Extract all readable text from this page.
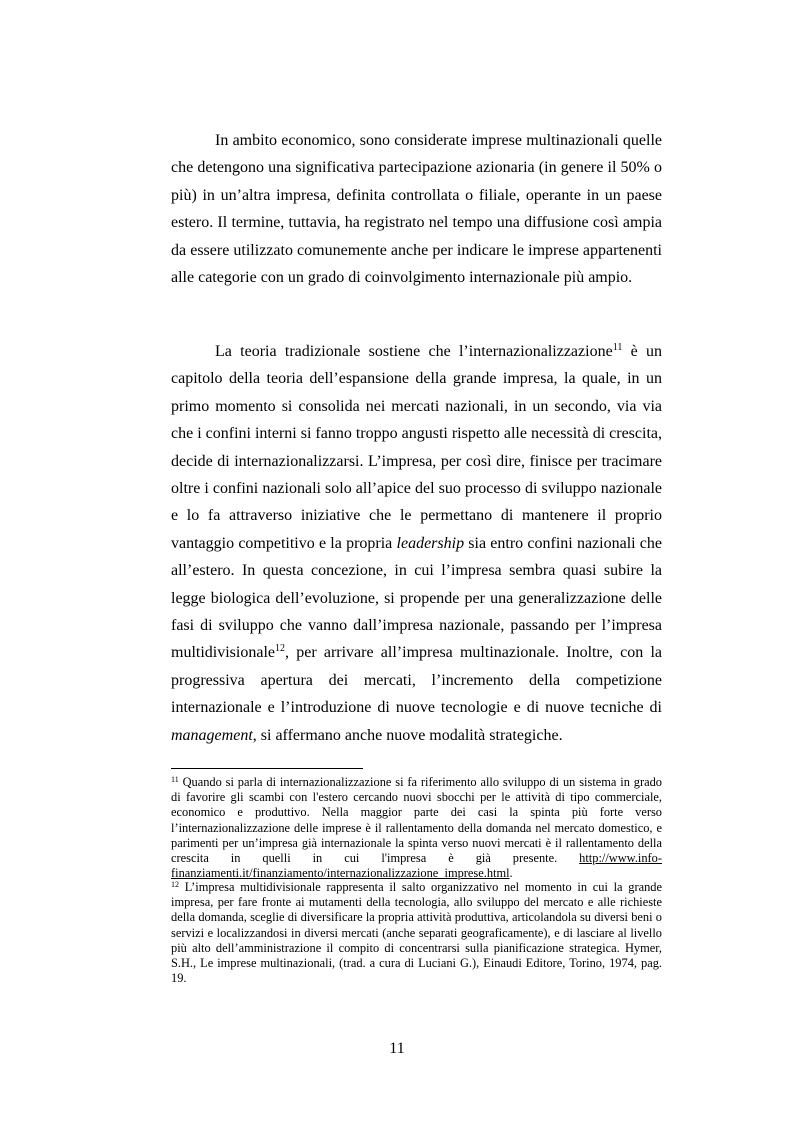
In ambito economico, sono considerate imprese multinazionali quelle che detengono una significativa partecipazione azionaria (in genere il 50% o più) in un’altra impresa, definita controllata o filiale, operante in un paese estero. Il termine, tuttavia, ha registrato nel tempo una diffusione così ampia da essere utilizzato comunemente anche per indicare le imprese appartenenti alle categorie con un grado di coinvolgimento internazionale più ampio.

La teoria tradizionale sostiene che l’internazionalizzazione$^{11}$ è un capitolo della teoria dell’espansione della grande impresa, la quale, in un primo momento si consolida nei mercati nazionali, in un secondo, via via che i confini interni si fanno troppo angusti rispetto alle necessità di crescita, decide di internazionalizzarsi. L’impresa, per così dire, finisce per tracimare oltre i confini nazionali solo all’apice del suo processo di sviluppo nazionale e lo fa attraverso iniziative che le permettano di mantenere il proprio vantaggio competitivo e la propria leadership sia entro confini nazionali che all’estero. In questa concezione, in cui l’impresa sembra quasi subire la legge biologica dell’evoluzione, si propende per una generalizzazione delle fasi di sviluppo che vanno dall’impresa nazionale, passando per l’impresa multidivisionale$^{12}$, per arrivare all’impresa multinazionale. Inoltre, con la progressiva apertura dei mercati, l’incremento della competizione internazionale e l’introduzione di nuove tecnologie e di nuove tecniche di management, si affermano anche nuove modalità strategiche.

$^{11}$ Quando si parla di internazionalizzazione si fa riferimento allo sviluppo di un sistema in grado di favorire gli scambi con l'estero cercando nuovi sbocchi per le attività di tipo commerciale, economico e produttivo. Nella maggior parte dei casi la spinta più forte verso l’internazionalizzazione delle imprese è il rallentamento della domanda nel mercato domestico, e parimenti per un’impresa già internazionale la spinta verso nuovi mercati è il rallentamento della crescita in quelli in cui l'impresa è già presente. http://www.info-finanziamenti.it/finanziamento/internazionalizzazione_imprese.html.

$^{12}$ L’impresa multidivisionale rappresenta il salto organizzativo nel momento in cui la grande impresa, per fare fronte ai mutamenti della tecnologia, allo sviluppo del mercato e alle richieste della domanda, sceglie di diversificare la propria attività produttiva, articolandola su diversi beni o servizi e localizzandosi in diversi mercati (anche separati geograficamente), e di lasciare al livello più alto dell’amministrazione il compito di concentrarsi sulla pianificazione strategica. Hymer, S.H., Le imprese multinazionali, (trad. a cura di Luciani G.), Einaudi Editore, Torino, 1974, pag. 19.

11
